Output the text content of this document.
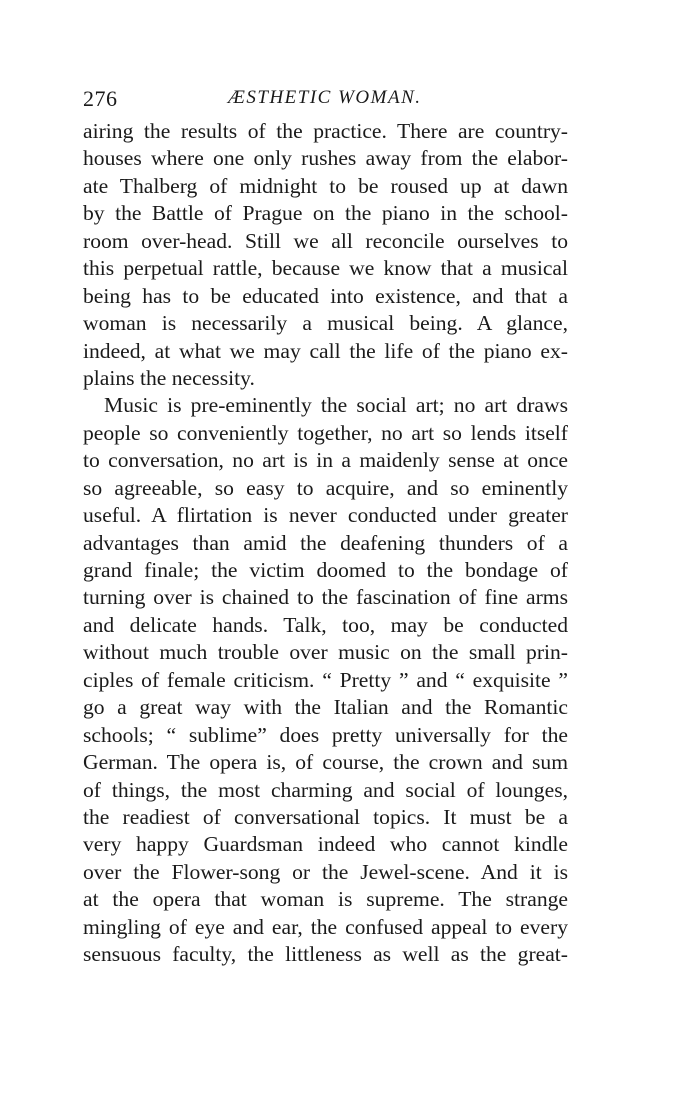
276	ÆSTHETIC WOMAN.
airing the results of the practice. There are country-
houses where one only rushes away from the elabor-
ate Thalberg of midnight to be roused up at dawn
by the Battle of Prague on the piano in the school-
room over-head. Still we all reconcile ourselves to
this perpetual rattle, because we know that a musical
being has to be educated into existence, and that a
woman is necessarily a musical being. A glance,
indeed, at what we may call the life of the piano ex-
plains the necessity.
Music is pre-eminently the social art; no art draws
people so conveniently together, no art so lends itself
to conversation, no art is in a maidenly sense at once
so agreeable, so easy to acquire, and so eminently
useful. A flirtation is never conducted under greater
advantages than amid the deafening thunders of a
grand finale; the victim doomed to the bondage of
turning over is chained to the fascination of fine arms
and delicate hands. Talk, too, may be conducted
without much trouble over music on the small prin-
ciples of female criticism. “ Pretty ” and “ exquisite ”
go a great way with the Italian and the Romantic
schools; “ sublime” does pretty universally for the
German. The opera is, of course, the crown and sum
of things, the most charming and social of lounges,
the readiest of conversational topics. It must be a
very happy Guardsman indeed who cannot kindle
over the Flower-song or the Jewel-scene. And it is
at the opera that woman is supreme. The strange
mingling of eye and ear, the confused appeal to every
sensuous faculty, the littleness as well as the great-
